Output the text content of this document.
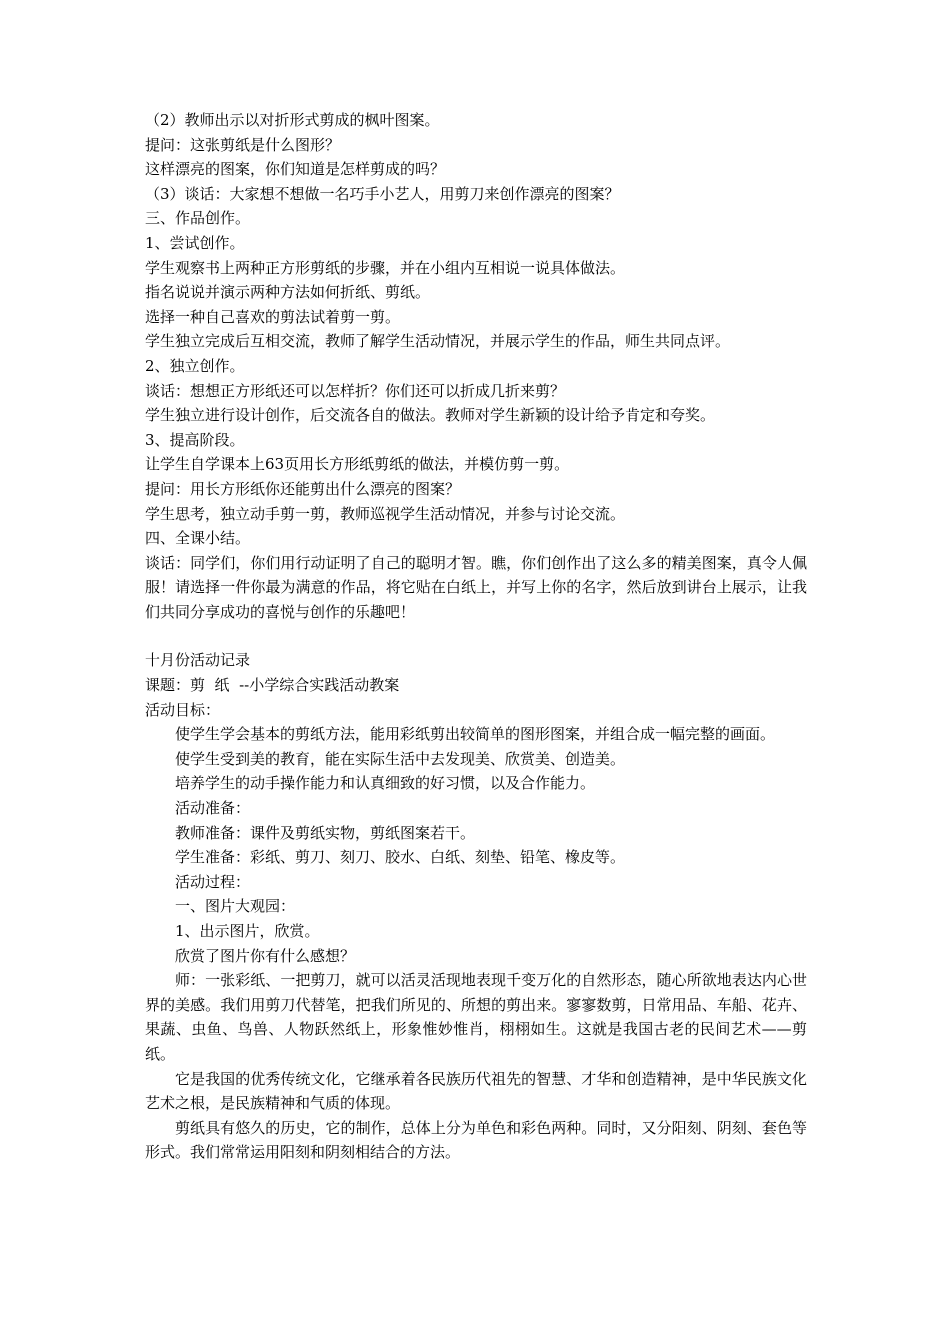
（2）教师出示以对折形式剪成的枫叶图案。
提问：这张剪纸是什么图形？
这样漂亮的图案，你们知道是怎样剪成的吗？
（3）谈话：大家想不想做一名巧手小艺人，用剪刀来创作漂亮的图案？
三、作品创作。
1、尝试创作。
学生观察书上两种正方形剪纸的步骤，并在小组内互相说一说具体做法。
指名说说并演示两种方法如何折纸、剪纸。
选择一种自己喜欢的剪法试着剪一剪。
学生独立完成后互相交流，教师了解学生活动情况，并展示学生的作品，师生共同点评。
2、独立创作。
谈话：想想正方形纸还可以怎样折？你们还可以折成几折来剪？
学生独立进行设计创作，后交流各自的做法。教师对学生新颖的设计给予肯定和夸奖。
3、提高阶段。
让学生自学课本上63页用长方形纸剪纸的做法，并模仿剪一剪。
提问：用长方形纸你还能剪出什么漂亮的图案？
学生思考，独立动手剪一剪，教师巡视学生活动情况，并参与讨论交流。
四、全课小结。
谈话：同学们，你们用行动证明了自己的聪明才智。瞧，你们创作出了这么多的精美图案，真令人佩服！请选择一件你最为满意的作品，将它贴在白纸上，并写上你的名字，然后放到讲台上展示，让我们共同分享成功的喜悦与创作的乐趣吧！
十月份活动记录
课题：剪  纸  --小学综合实践活动教案
活动目标：
使学生学会基本的剪纸方法，能用彩纸剪出较简单的图形图案，并组合成一幅完整的画面。
使学生受到美的教育，能在实际生活中去发现美、欣赏美、创造美。
培养学生的动手操作能力和认真细致的好习惯，以及合作能力。
活动准备：
教师准备：课件及剪纸实物，剪纸图案若干。
学生准备：彩纸、剪刀、刻刀、胶水、白纸、刻垫、铅笔、橡皮等。
活动过程：
一、图片大观园：
1、出示图片，欣赏。
欣赏了图片你有什么感想？
师：一张彩纸、一把剪刀，就可以活灵活现地表现千变万化的自然形态，随心所欲地表达内心世界的美感。我们用剪刀代替笔，把我们所见的、所想的剪出来。寥寥数剪，日常用品、车船、花卉、果蔬、虫鱼、鸟兽、人物跃然纸上，形象惟妙惟肖，栩栩如生。这就是我国古老的民间艺术——剪纸。
它是我国的优秀传统文化，它继承着各民族历代祖先的智慧、才华和创造精神，是中华民族文化艺术之根，是民族精神和气质的体现。
剪纸具有悠久的历史，它的制作，总体上分为单色和彩色两种。同时，又分阳刻、阴刻、套色等形式。我们常常运用阳刻和阴刻相结合的方法。
